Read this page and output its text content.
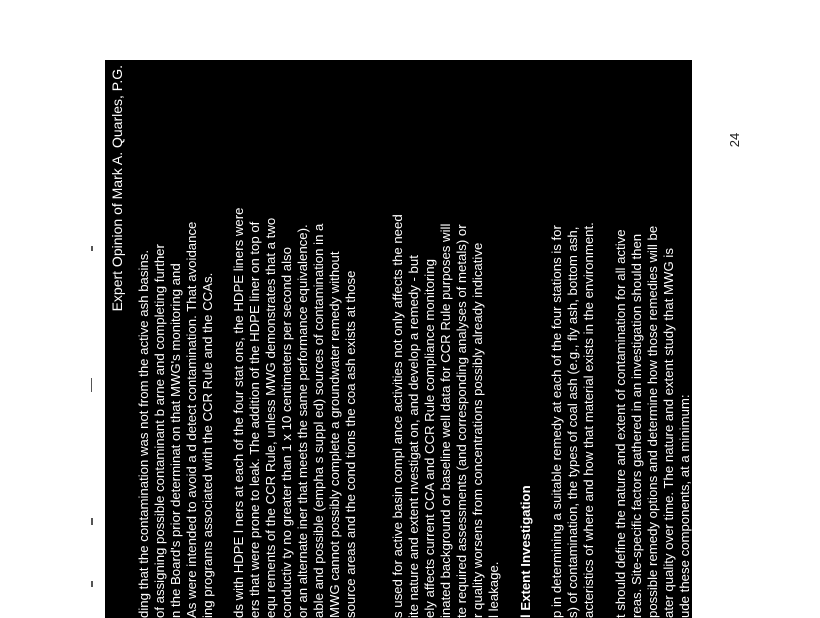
Expert Opinion of Mark A. Quarles, P.G.
ding that the contamination was not from the active ash basins. of assigning possible contaminant b arne and completing further n the Board's prior determinat on that MWG's monitoring and As were intended to avoid a d detect contamination. That avoidance ing programs associated with the CCR Rule and the CCAs. ds with HDPE l ners at each of the four stat ons, the HDPE liners were ers that were prone to leak. The addition of the HDPE liner on top of equ rements of the CCR Rule, unless MWG demonstrates that a two conductiv ty no greater than 1 x 10 centimeters per second also or an alternate iner that meets the same performance equivalence). able and possible (empha s suppl ed) sources of contamination in a MWG cannot possibly complete a groundwater remedy without source areas and the cond tions the coa ash exists at those s used for active basin compl ance activities not only affects the need ite nature and extent nvestigat on, and develop a remedy - but ely affects current CCA and CCR Rule compliance monitoring inated background or baseline well data for CCR Rule purposes will te required assessments (and corresponding analyses of metals) or r quality worsens from concentrations possibly already indicative l leakage. l Extent Investigation p in determining a suitable remedy at each of the four stations is for s) of contamination, the types of coal ash (e.g., fly ash, bottom ash, acteristics of where and how that material exists in the environment. t should define the nature and extent of contamination for all active reas. Site-specific factors gathered in an investigation should then possible remedy options and determine how those remedies will be ater quality over time. The nature and extent study that MWG is ude these components, at a minimum: field screening activities, rces and potential sources of contamination, degree of saturation of coal ash and connectivity to groundwater, alysis (horizontally and vertically) and the nature, direction, of contaminants, ent and post-remediation exposure routes that may potentially ronmental receptors, and
24
